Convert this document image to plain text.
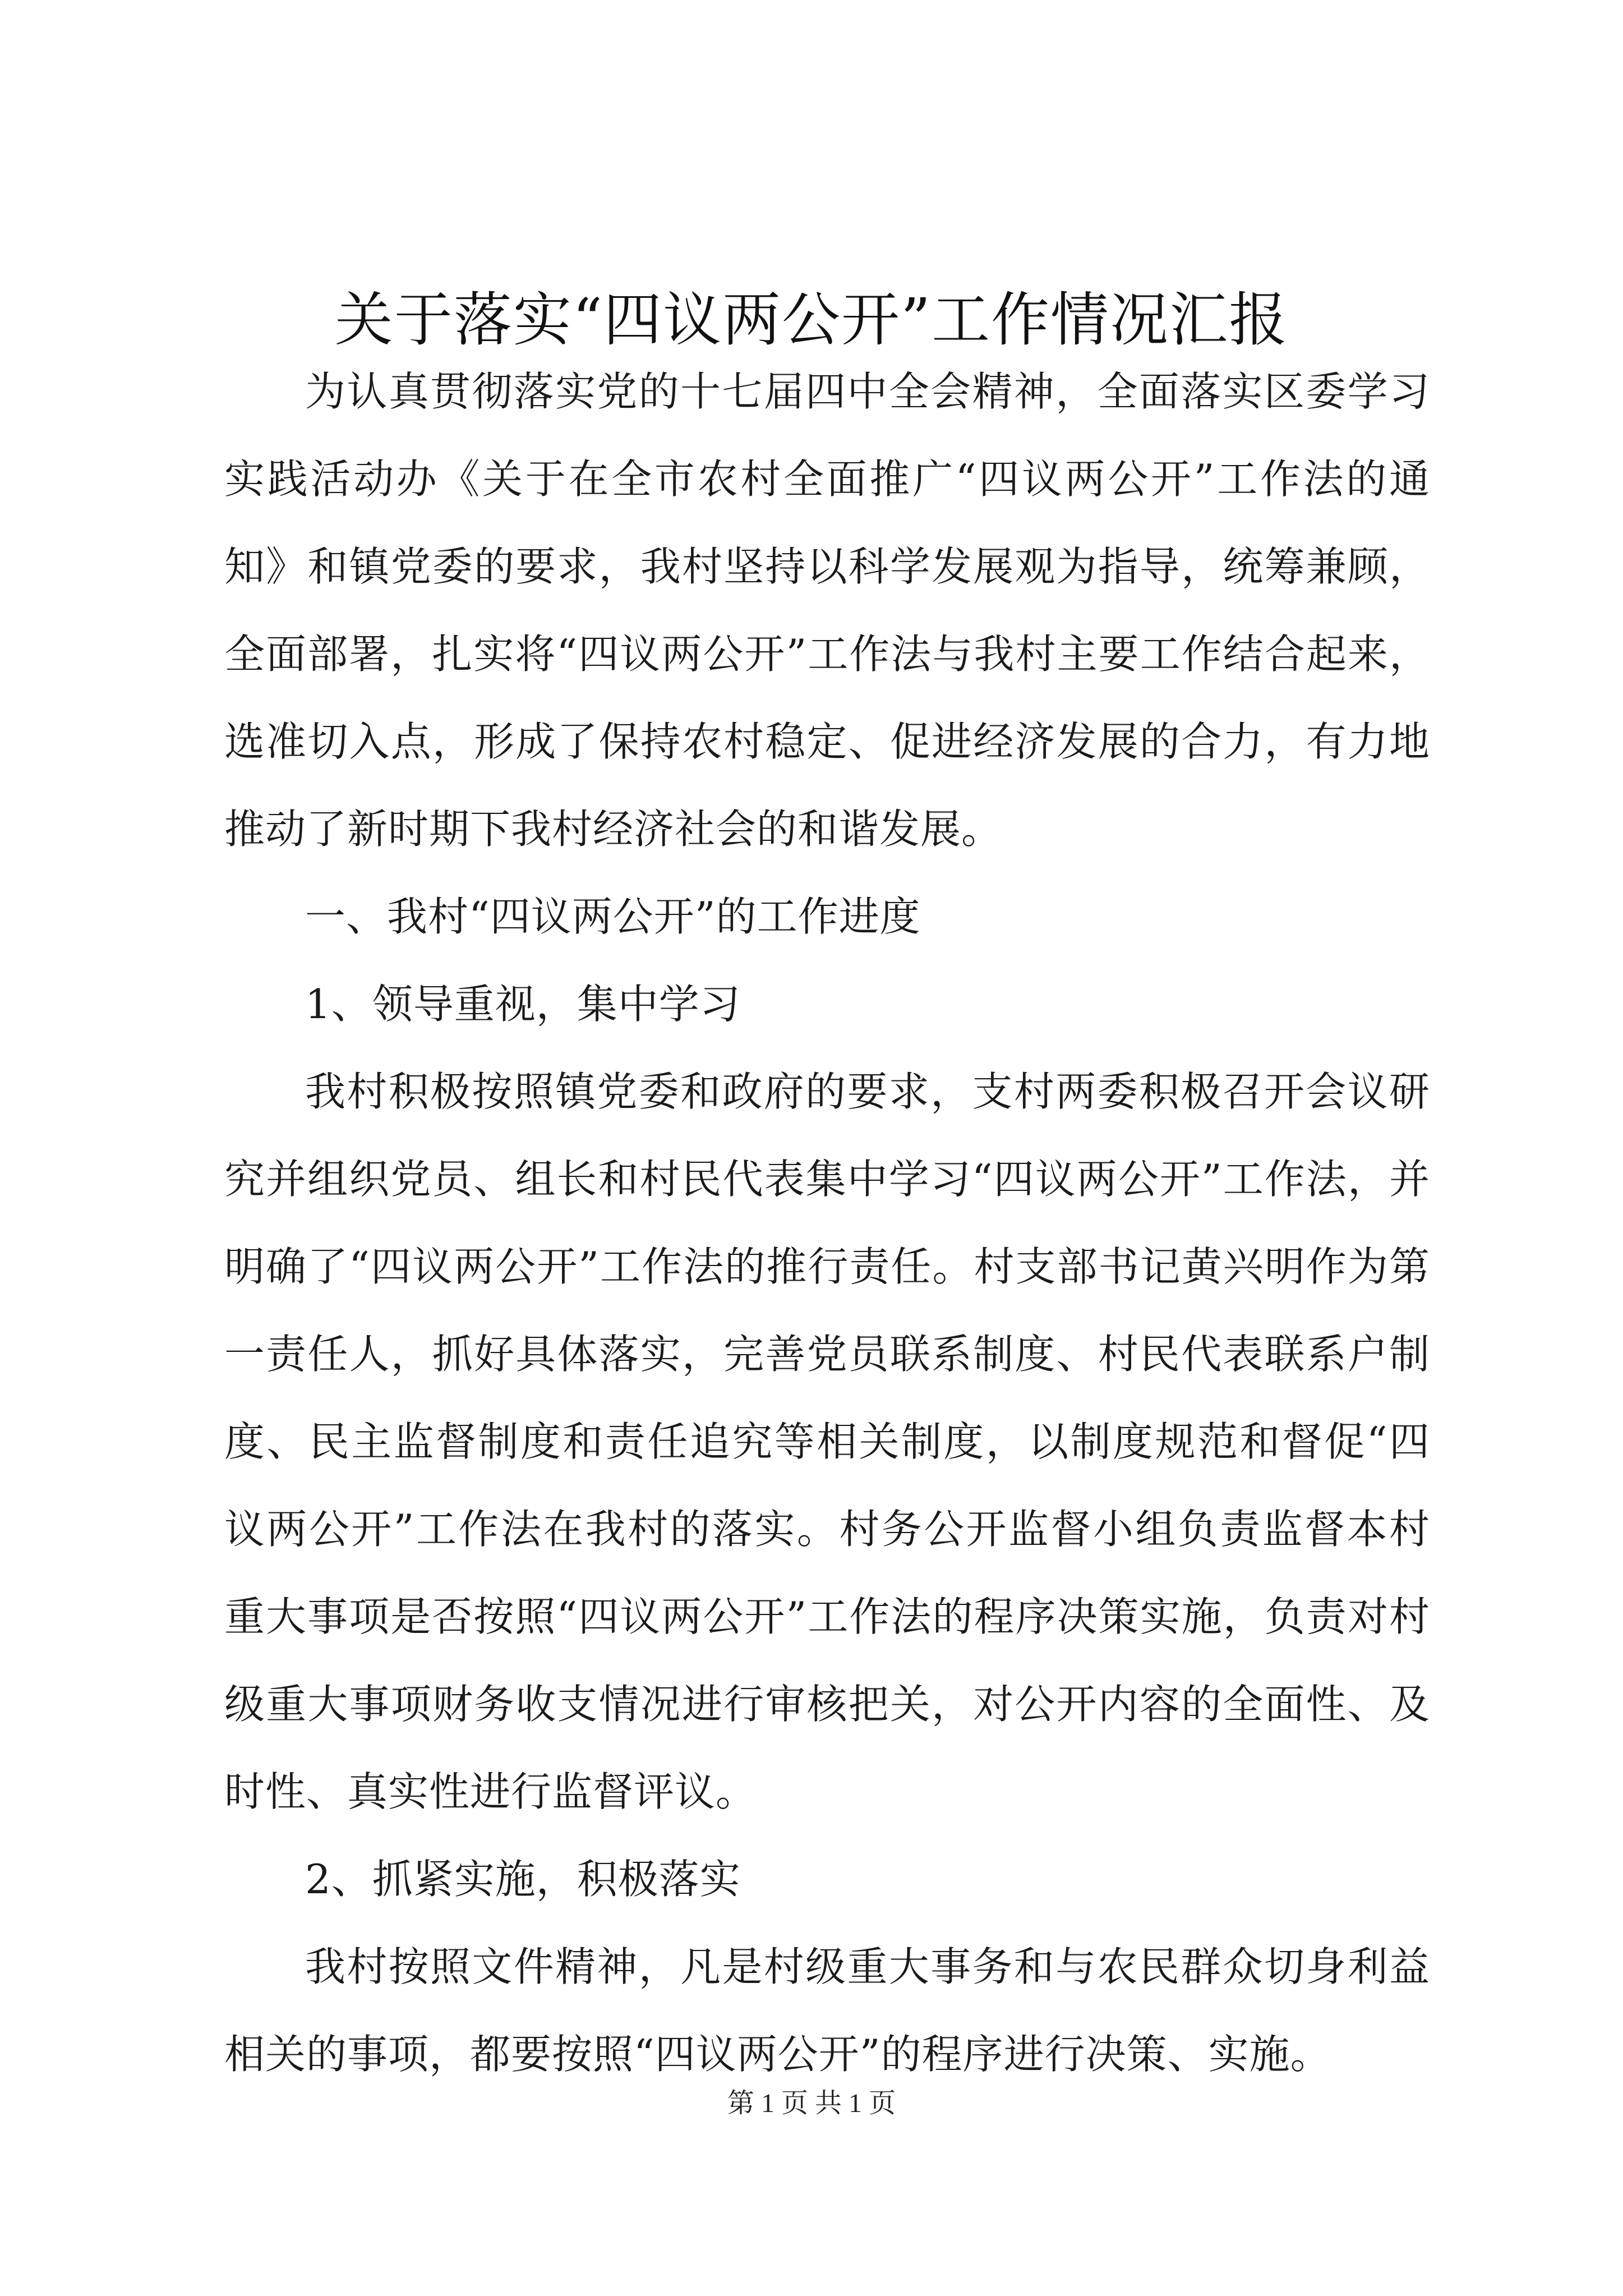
关于落实“四议两公开”工作情况汇报

为认真贯彻落实党的十七届四中全会精神，全面落实区委学习实践活动办《关于在全市农村全面推广“四议两公开”工作法的通知》和镇党委的要求，我村坚持以科学发展观为指导，统筹兼顾，全面部署，扎实将“四议两公开”工作法与我村主要工作结合起来，选准切入点，形成了保持农村稳定、促进经济发展的合力，有力地推动了新时期下我村经济社会的和谐发展。

一、我村“四议两公开”的工作进度

1、领导重视，集中学习

我村积极按照镇党委和政府的要求，支村两委积极召开会议研究并组织党员、组长和村民代表集中学习“四议两公开”工作法，并明确了“四议两公开”工作法的推行责任。村支部书记黄兴明作为第一责任人，抓好具体落实，完善党员联系制度、村民代表联系户制度、民主监督制度和责任追究等相关制度，以制度规范和督促“四议两公开”工作法在我村的落实。村务公开监督小组负责监督本村重大事项是否按照“四议两公开”工作法的程序决策实施，负责对村级重大事项财务收支情况进行审核把关，对公开内容的全面性、及时性、真实性进行监督评议。

2、抓紧实施，积极落实

我村按照文件精神，凡是村级重大事务和与农民群众切身利益相关的事项，都要按照“四议两公开”的程序进行决策、实施。

第 1 页 共 1 页
